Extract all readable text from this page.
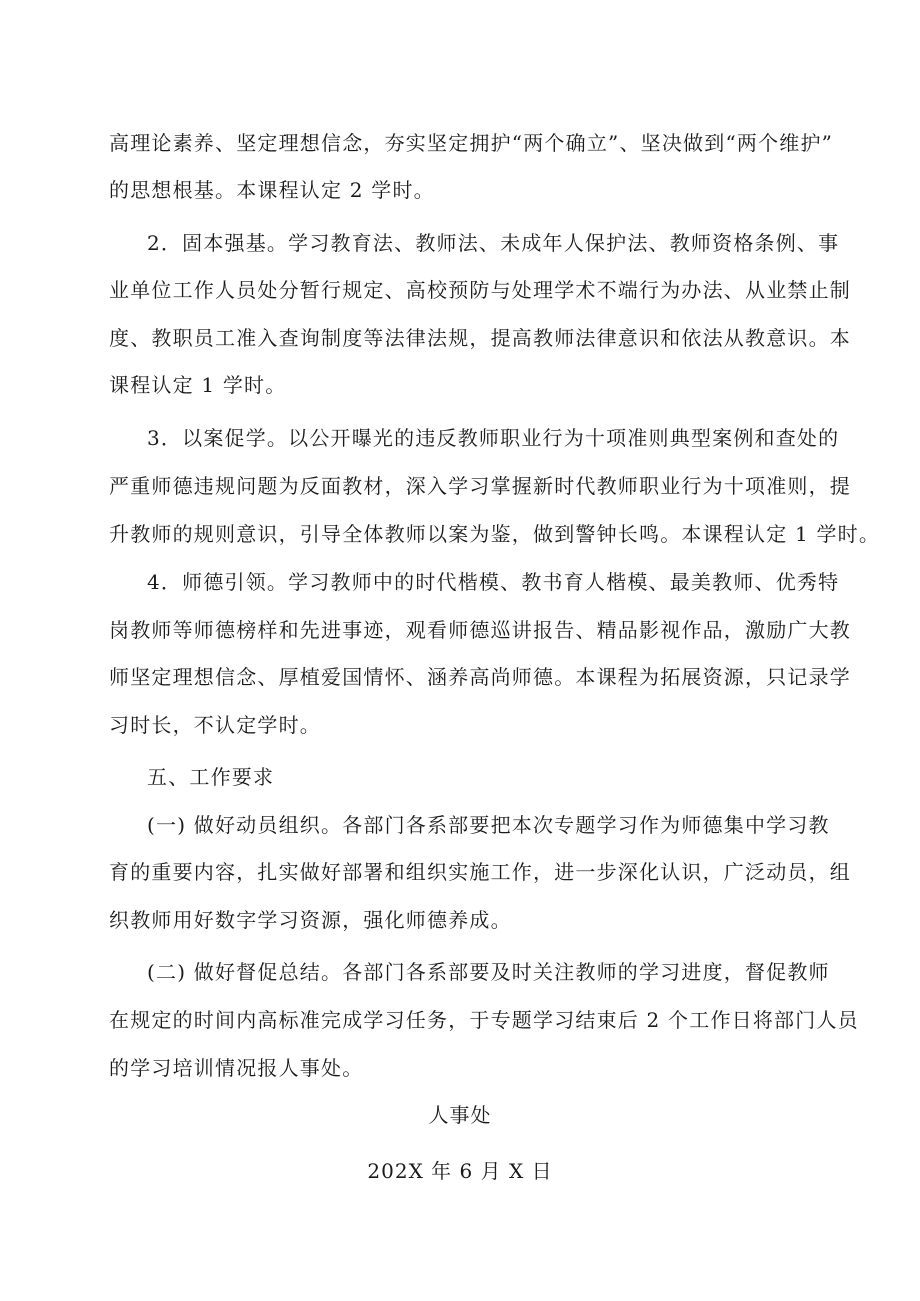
高理论素养、坚定理想信念，夯实坚定拥护“两个确立”、坚决做到“两个维护”
的思想根基。本课程认定 2 学时。
2．固本强基。学习教育法、教师法、未成年人保护法、教师资格条例、事
业单位工作人员处分暂行规定、高校预防与处理学术不端行为办法、从业禁止制
度、教职员工准入查询制度等法律法规，提高教师法律意识和依法从教意识。本
课程认定 1 学时。
3．以案促学。以公开曝光的违反教师职业行为十项准则典型案例和查处的
严重师德违规问题为反面教材，深入学习掌握新时代教师职业行为十项准则，提
升教师的规则意识，引导全体教师以案为鉴，做到警钟长鸣。本课程认定 1 学时。
4．师德引领。学习教师中的时代楷模、教书育人楷模、最美教师、优秀特
岗教师等师德榜样和先进事迹，观看师德巡讲报告、精品影视作品，激励广大教
师坚定理想信念、厚植爱国情怀、涵养高尚师德。本课程为拓展资源，只记录学
习时长，不认定学时。
五、工作要求
(一) 做好动员组织。各部门各系部要把本次专题学习作为师德集中学习教
育的重要内容，扎实做好部署和组织实施工作，进一步深化认识，广泛动员，组
织教师用好数字学习资源，强化师德养成。
(二) 做好督促总结。各部门各系部要及时关注教师的学习进度，督促教师
在规定的时间内高标准完成学习任务，于专题学习结束后 2 个工作日将部门人员
的学习培训情况报人事处。
人事处
202X 年 6 月 X 日
